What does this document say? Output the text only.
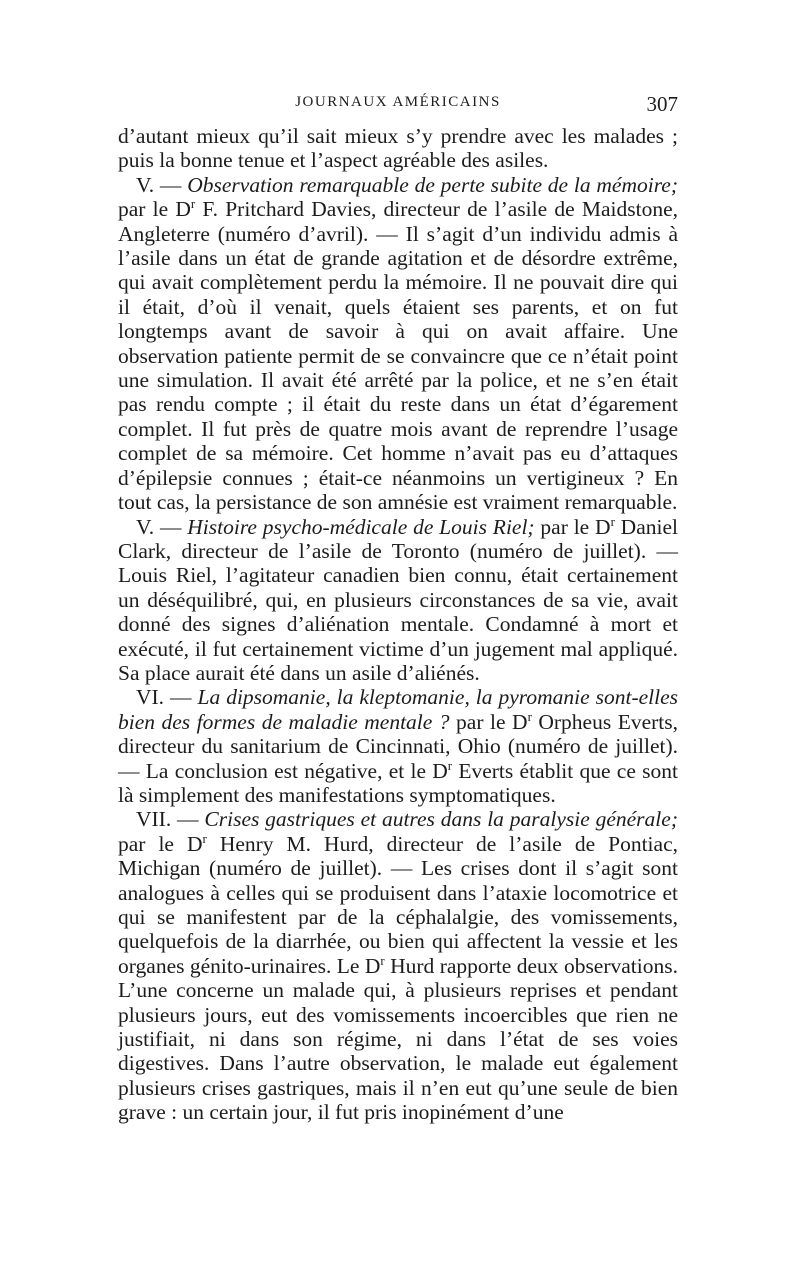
JOURNAUX AMÉRICAINS	307

d’autant mieux qu’il sait mieux s’y prendre avec les malades ; puis la bonne tenue et l’aspect agréable des asiles.

V. — Observation remarquable de perte subite de la mémoire; par le $D^r$ F. Pritchard Davies, directeur de l’asile de Maidstone, Angleterre (numéro d’avril). — Il s’agit d’un individu admis à l’asile dans un état de grande agitation et de désordre extrême, qui avait complètement perdu la mémoire. Il ne pouvait dire qui il était, d’où il venait, quels étaient ses parents, et on fut longtemps avant de savoir à qui on avait affaire. Une observation patiente permit de se convaincre que ce n’était point une simulation. Il avait été arrêté par la police, et ne s’en était pas rendu compte ; il était du reste dans un état d’égarement complet. Il fut près de quatre mois avant de reprendre l’usage complet de sa mémoire. Cet homme n’avait pas eu d’attaques d’épilepsie connues ; était-ce néanmoins un vertigineux ? En tout cas, la persistance de son amnésie est vraiment remarquable.

V. — Histoire psycho-médicale de Louis Riel; par le $D^r$ Daniel Clark, directeur de l’asile de Toronto (numéro de juillet). — Louis Riel, l’agitateur canadien bien connu, était certainement un déséquilibré, qui, en plusieurs circonstances de sa vie, avait donné des signes d’aliénation mentale. Condamné à mort et exécuté, il fut certainement victime d’un jugement mal appliqué. Sa place aurait été dans un asile d’aliénés.

VI. — La dipsomanie, la kleptomanie, la pyromanie sont-elles bien des formes de maladie mentale ? par le $D^r$ Orpheus Everts, directeur du sanitarium de Cincinnati, Ohio (numéro de juillet). — La conclusion est négative, et le $D^r$ Everts établit que ce sont là simplement des manifestations symptomatiques.

VII. — Crises gastriques et autres dans la paralysie générale; par le $D^r$ Henry M. Hurd, directeur de l’asile de Pontiac, Michigan (numéro de juillet). — Les crises dont il s’agit sont analogues à celles qui se produisent dans l’ataxie locomotrice et qui se manifestent par de la céphalalgie, des vomissements, quelquefois de la diarrhée, ou bien qui affectent la vessie et les organes génito-urinaires. Le $D^r$ Hurd rapporte deux observations. L’une concerne un malade qui, à plusieurs reprises et pendant plusieurs jours, eut des vomissements incoercibles que rien ne justifiait, ni dans son régime, ni dans l’état de ses voies digestives. Dans l’autre observation, le malade eut également plusieurs crises gastriques, mais il n’en eut qu’une seule de bien grave : un certain jour, il fut pris inopinément d’une
